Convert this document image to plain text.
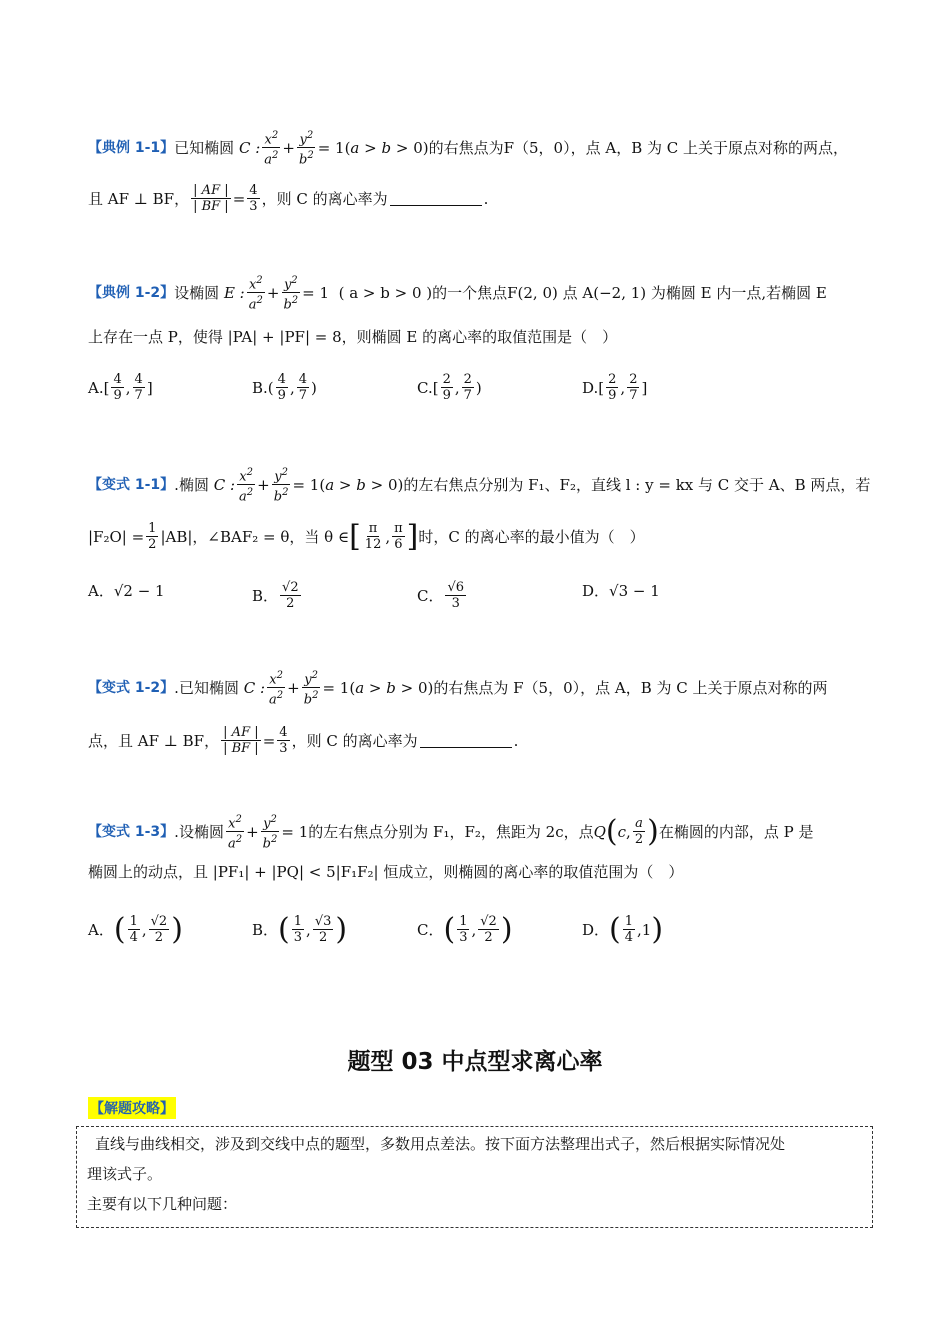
【典例 1-1】 已知椭圆 C : $\frac{x^2}{a^2} + \frac{y^2}{b^2} = 1(a > b > 0)$ 的右焦点为 F（5，0），点 A，B 为 C 上关于原点对称的两点，
且 AF ⊥ BF， $\frac{| AF |}{| BF |} = \frac{4}{3}$ ，则 C 的离心率为	.
【典例 1-2】 设椭圆 E : $\frac{x^2}{a^2} + \frac{y^2}{b^2} = 1$ ( a > b > 0 )的一个焦点 F(2, 0) 点 A(−2, 1) 为椭圆 E 内一点,若椭圆 E
上存在一点 P，使得 |PA| + |PF| = 8，则椭圆 E 的离心率的取值范围是（　）
A. [ $\frac{4}{9}$ , $\frac{4}{7}$ ]	B. ( $\frac{4}{9}$ , $\frac{4}{7}$ )	C. [ $\frac{2}{9}$ , $\frac{2}{7}$ )	D. [ $\frac{2}{9}$ , $\frac{2}{7}$ ]
【变式 1-1】 .椭圆 C : $\frac{x^2}{a^2} + \frac{y^2}{b^2} = 1(a > b > 0)$ 的左右焦点分别为 F₁、F₂，直线 l : y = kx 与 C 交于 A、B 两点，若
$|F_2O| = \frac{1}{2} |AB|$，∠BAF₂ = θ，当 θ ∈ [ $\frac{\pi}{12}$ , $\frac{\pi}{6}$ ] 时，C 的离心率的最小值为（　）
A．√2 − 1	B． $\frac{√2}{2}$	C． $\frac{√6}{3}$	D．√3 − 1
【变式 1-2】 .已知椭圆 C : $\frac{x^2}{a^2} + \frac{y^2}{b^2} = 1(a > b > 0)$ 的右焦点为 F（5，0），点 A，B 为 C 上关于原点对称的两
点，且 AF ⊥ BF， $\frac{| AF |}{| BF |} = \frac{4}{3}$ ，则 C 的离心率为	.
【变式 1-3】 .设椭圆 $\frac{x^2}{a^2} + \frac{y^2}{b^2} = 1$ 的左右焦点分别为 F₁，F₂，焦距为 2c，点 Q ( c , $\frac{a}{2}$ ) 在椭圆的内部，点 P 是
椭圆上的动点，且 |PF₁| + |PQ| < 5|F₁F₂| 恒成立，则椭圆的离心率的取值范围为（　）
A． ( $\frac{1}{4}$ , $\frac{√2}{2}$ )	B． ( $\frac{1}{3}$ , $\frac{√3}{2}$ )	C． ( $\frac{1}{3}$ , $\frac{√2}{2}$ )	D． ( $\frac{1}{4} ,1$ )
题型 03 中点型求离心率
【解题攻略】
直线与曲线相交，涉及到交线中点的题型，多数用点差法。按下面方法整理出式子，然后根据实际情况处
理该式子。
主要有以下几种问题：
